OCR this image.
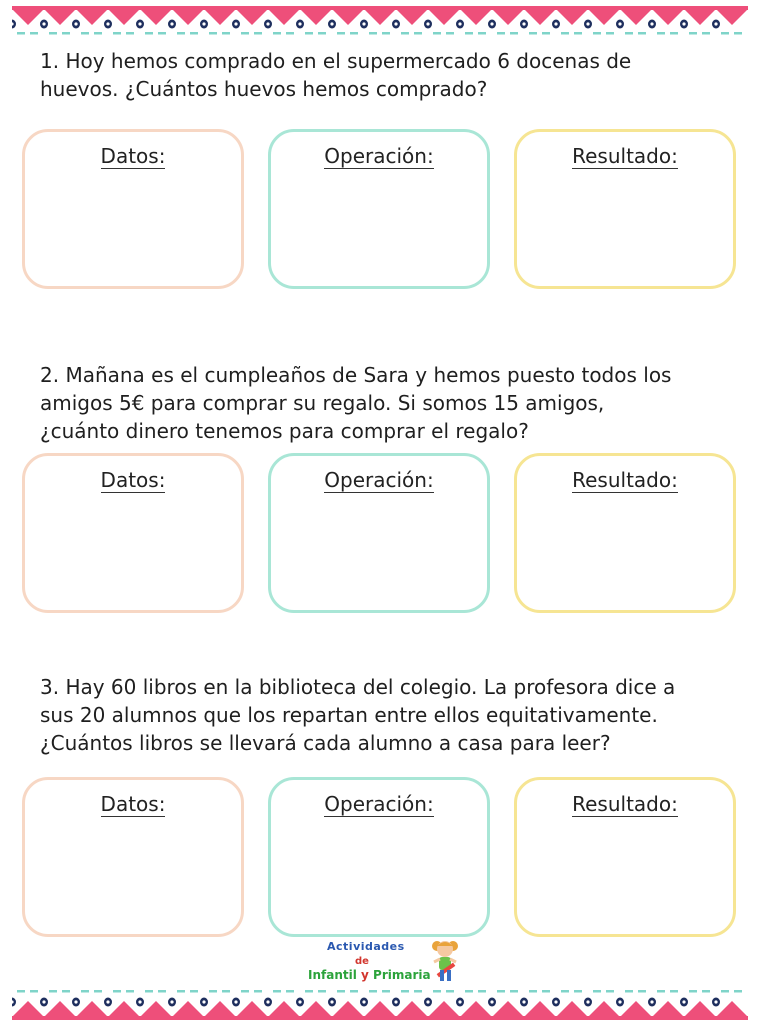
1. Hoy hemos comprado en el supermercado 6 docenas de
huevos. ¿Cuántos huevos hemos comprado?
Datos:	Operación:	Resultado:
2. Mañana es el cumpleaños de Sara y hemos puesto todos los
amigos 5€ para comprar su regalo. Si somos 15 amigos,
¿cuánto dinero tenemos para comprar el regalo?
Datos:	Operación:	Resultado:
3. Hay 60 libros en la biblioteca del colegio. La profesora dice a
sus 20 alumnos que los repartan entre ellos equitativamente.
¿Cuántos libros se llevará cada alumno a casa para leer?
Datos:	Operación:	Resultado:
Actividades
de
Infantil y Primaria
